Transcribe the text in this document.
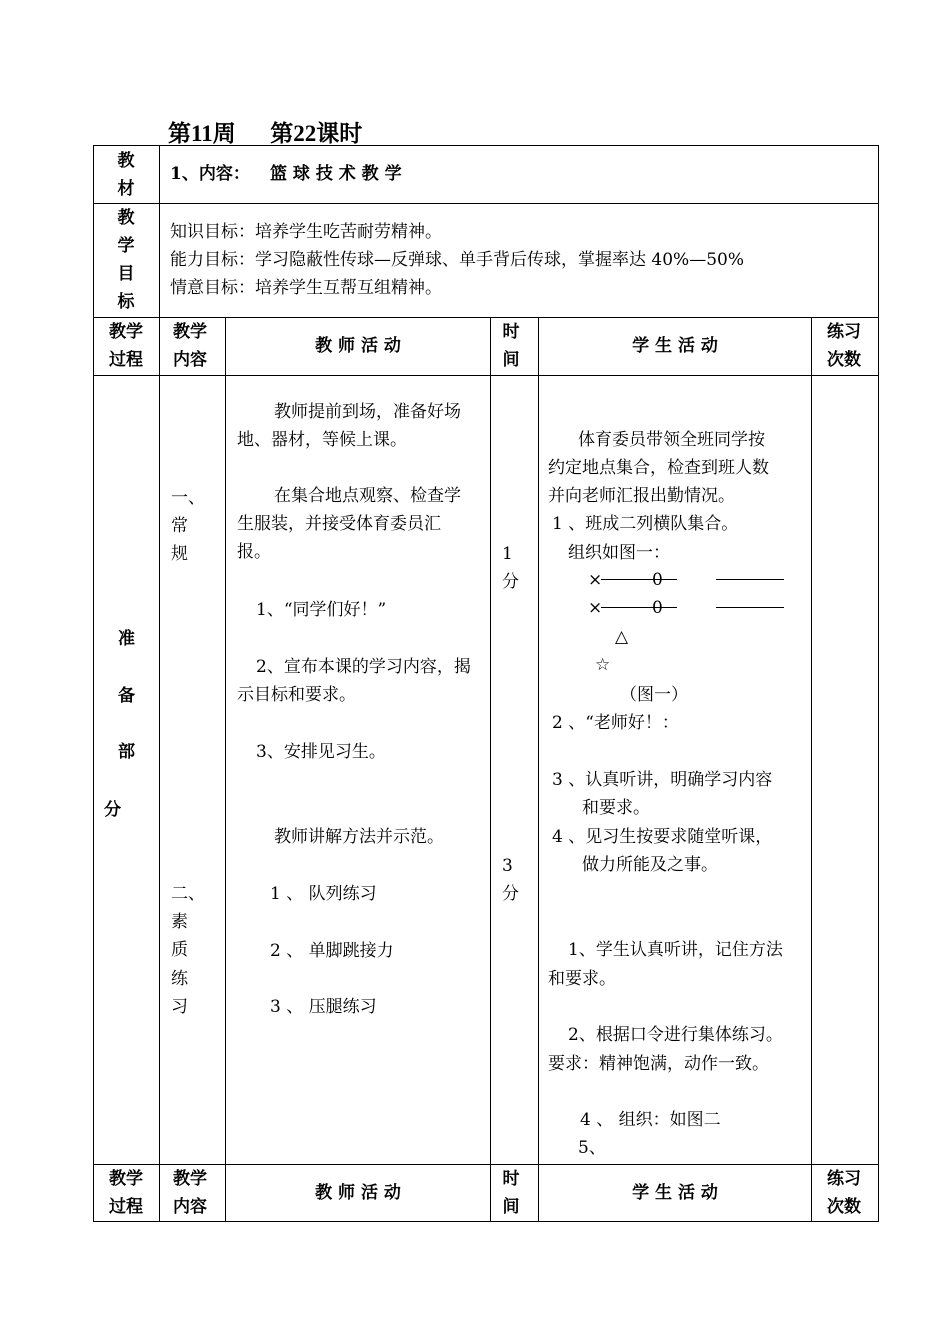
第11周      第22课时
教
材
1、内容： 篮 球 技 术 教 学
教
学
目
标
知识目标：培养学生吃苦耐劳精神。
能力目标：学习隐蔽性传球—反弹球、单手背后传球，掌握率达 40%—50%
情意目标：培养学生互帮互组精神。
教学
过程
教学
内容
教 师 活 动
时
间
学 生 活 动
练习
次数
准
备
部
分
一、
常
规
二、
素
质
练
习
1
分
3
分
教师提前到场，准备好场
地、器材，等候上课。
在集合地点观察、检查学
生服装，并接受体育委员汇
报。
1、“同学们好！”
2、宣布本课的学习内容，揭
示目标和要求。
3、安排见习生。
教师讲解方法并示范。
1 、 队列练习
2 、 单脚跳接力
3 、 压腿练习
体育委员带领全班同学按
约定地点集合，检查到班人数
并向老师汇报出勤情况。
1 、班成二列横队集合。
组织如图一：
×	0
×	0
△
☆
（图一）
2 、“老师好！：
3 、认真听讲，明确学习内容
和要求。
4 、见习生按要求随堂听课，
做力所能及之事。
1、学生认真听讲，记住方法
和要求。
2、根据口令进行集体练习。
要求：精神饱满，动作一致。
4 、 组织：如图二
5、
教学
过程
教学
内容
教 师 活 动
时
间
学 生 活 动
练习
次数
